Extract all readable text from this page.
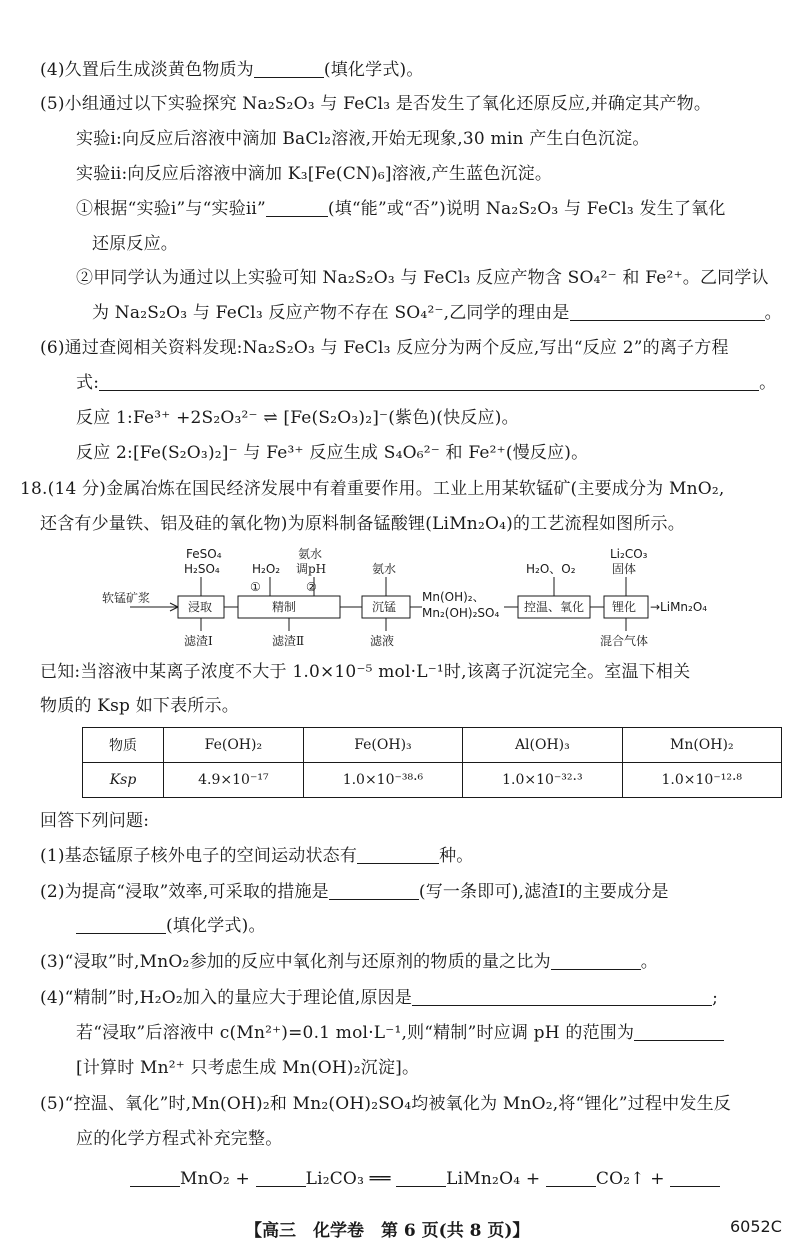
(4)久置后生成淡黄色物质为	(填化学式)。
(5)小组通过以下实验探究 Na₂S₂O₃ 与 FeCl₃ 是否发生了氧化还原反应,并确定其产物。
实验ⅰ:向反应后溶液中滴加 BaCl₂溶液,开始无现象,30 min 产生白色沉淀。
实验ⅱ:向反应后溶液中滴加 K₃[Fe(CN)₆]溶液,产生蓝色沉淀。
①根据“实验ⅰ”与“实验ⅱ”	(填“能”或“否”)说明 Na₂S₂O₃ 与 FeCl₃ 发生了氧化
还原反应。
②甲同学认为通过以上实验可知 Na₂S₂O₃ 与 FeCl₃ 反应产物含 SO₄²⁻ 和 Fe²⁺。乙同学认
为 Na₂S₂O₃ 与 FeCl₃ 反应产物不存在 SO₄²⁻,乙同学的理由是	。
(6)通过查阅相关资料发现:Na₂S₂O₃ 与 FeCl₃ 反应分为两个反应,写出“反应 2”的离子方程
式:	。
反应 1:Fe³⁺ +2S₂O₃²⁻ ⇌ [Fe(S₂O₃)₂]⁻(紫色)(快反应)。
反应 2:[Fe(S₂O₃)₂]⁻ 与 Fe³⁺ 反应生成 S₄O₆²⁻ 和 Fe²⁺(慢反应)。
18.(14 分)金属冶炼在国民经济发展中有着重要作用。工业上用某软锰矿(主要成分为 MnO₂,
还含有少量铁、铝及硅的氧化物)为原料制备锰酸锂(LiMn₂O₄)的工艺流程如图所示。
软锰矿浆
浸取
FeSO₄
H₂SO₄
滤渣Ⅰ
精制
H₂O₂
氨水
调pH
①	②
滤渣Ⅱ
沉锰
氨水
滤液
Mn(OH)₂、
Mn₂(OH)₂SO₄ 控温、氧化
H₂O、O₂
锂化
Li₂CO₃
固体
混合气体
→LiMn₂O₄
已知:当溶液中某离子浓度不大于 1.0×10⁻⁵ mol·L⁻¹时,该离子沉淀完全。室温下相关
物质的 Ksp 如下表所示。
物质	Fe(OH)₂	Fe(OH)₃	Al(OH)₃	Mn(OH)₂
Ksp	4.9×10⁻¹⁷	1.0×10⁻³⁸·⁶	1.0×10⁻³²·³	1.0×10⁻¹²·⁸
回答下列问题:
(1)基态锰原子核外电子的空间运动状态有	种。
(2)为提高“浸取”效率,可采取的措施是	(写一条即可),滤渣Ⅰ的主要成分是
(填化学式)。
(3)“浸取”时,MnO₂参加的反应中氧化剂与还原剂的物质的量之比为	。
(4)“精制”时,H₂O₂加入的量应大于理论值,原因是	;
若“浸取”后溶液中 c(Mn²⁺)=0.1 mol·L⁻¹,则“精制”时应调 pH 的范围为
[计算时 Mn²⁺ 只考虑生成 Mn(OH)₂沉淀]。
(5)“控温、氧化”时,Mn(OH)₂和 Mn₂(OH)₂SO₄均被氧化为 MnO₂,将“锂化”过程中发生反
应的化学方程式补充完整。
MnO₂ +	Li₂CO₃ ══	LiMn₂O₄ +	CO₂↑ +
【高三　化学卷　第 6 页(共 8 页)】	6052C
